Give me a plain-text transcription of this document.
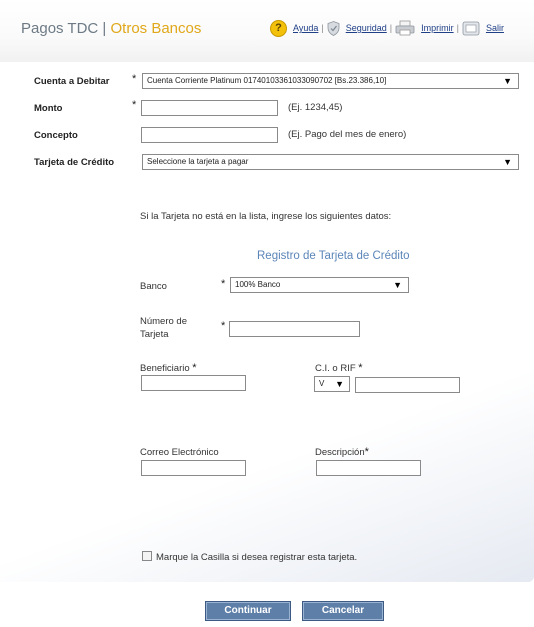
Pagos TDC | Otros Bancos	?	Ayuda | Seguridad |	Imprimir |	Salir
Cuenta a Debitar *	Cuenta Corriente Platinum 01740103361033090702 [Bs.23.386,10]	▼
Monto	*	(Ej. 1234,45)
Concepto	(Ej. Pago del mes de enero)
Tarjeta de Crédito	Seleccione la tarjeta a pagar	▼
Si la Tarjeta no está en la lista, ingrese los siguientes datos:
Registro de Tarjeta de Crédito
Banco	*	100% Banco	▼
Número de
Tarjeta
*
Beneficiario *	C.I. o RIF *
V ▼
Correo Electrónico	Descripción*
Marque la Casilla si desea registrar esta tarjeta.
Continuar	Cancelar
